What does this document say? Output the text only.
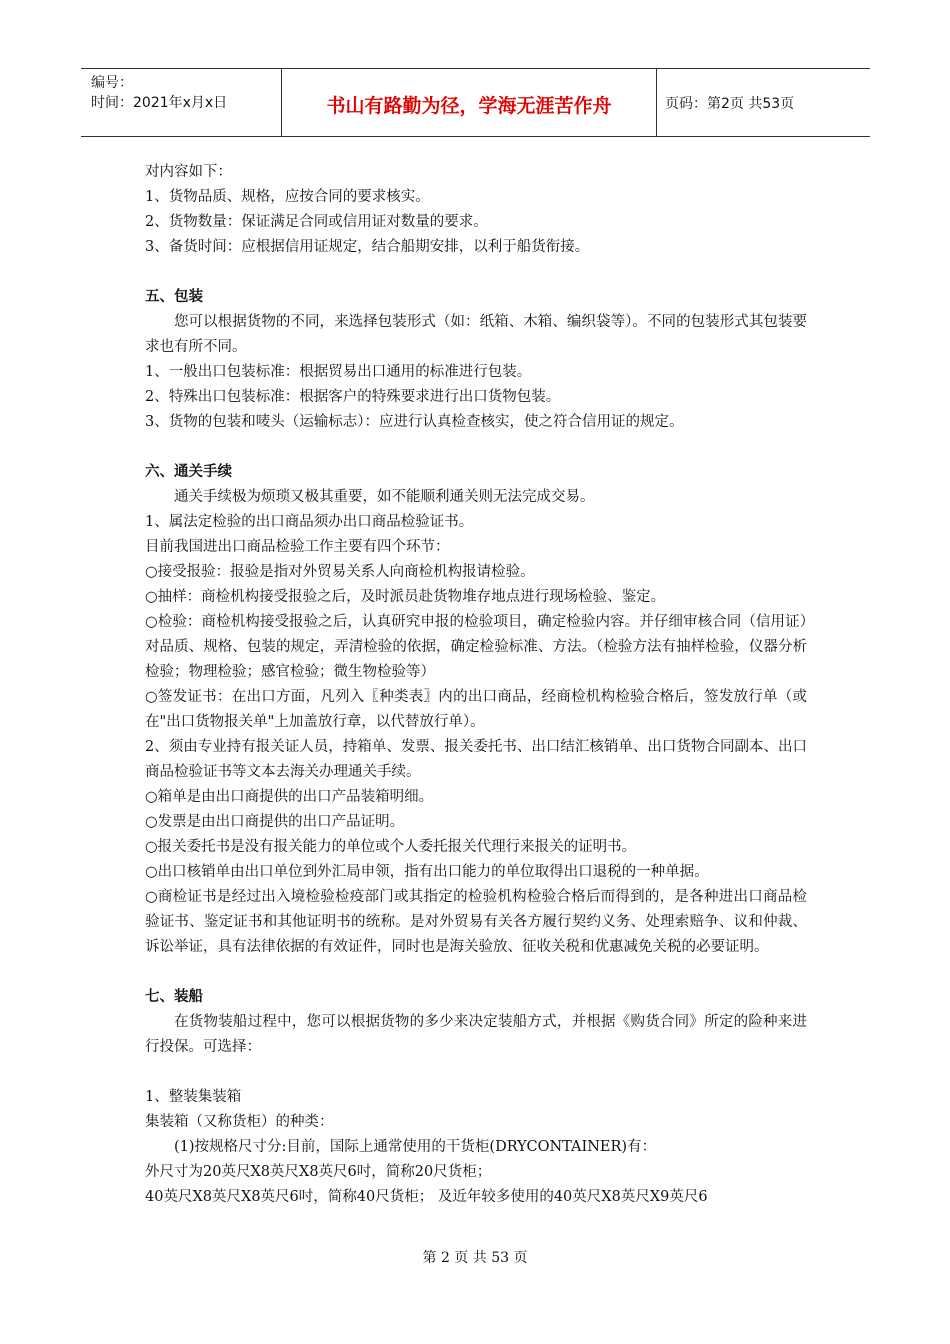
编号：
时间：2021年x月x日	书山有路勤为径，学海无涯苦作舟	页码：第2页 共53页

对内容如下：

1、货物品质、规格，应按合同的要求核实。

2、货物数量：保证满足合同或信用证对数量的要求。

3、备货时间：应根据信用证规定，结合船期安排，以利于船货衔接。

五、包装

您可以根据货物的不同，来选择包装形式（如：纸箱、木箱、编织袋等）。不同的包装形式其包装要求也有所不同。

1、一般出口包装标准：根据贸易出口通用的标准进行包装。

2、特殊出口包装标准：根据客户的特殊要求进行出口货物包装。

3、货物的包装和唛头（运输标志）：应进行认真检查核实，使之符合信用证的规定。

六、通关手续

通关手续极为烦琐又极其重要，如不能顺利通关则无法完成交易。

1、属法定检验的出口商品须办出口商品检验证书。

目前我国进出口商品检验工作主要有四个环节：

○接受报验：报验是指对外贸易关系人向商检机构报请检验。

○抽样：商检机构接受报验之后，及时派员赴货物堆存地点进行现场检验、鉴定。

○检验：商检机构接受报验之后，认真研究申报的检验项目，确定检验内容。并仔细审核合同（信用证）对品质、规格、包装的规定，弄清检验的依据，确定检验标准、方法。（检验方法有抽样检验，仪器分析检验；物理检验；感官检验；微生物检验等）

○签发证书：在出口方面，凡列入〖种类表〗内的出口商品，经商检机构检验合格后，签发放行单（或在"出口货物报关单"上加盖放行章，以代替放行单）。

2、须由专业持有报关证人员，持箱单、发票、报关委托书、出口结汇核销单、出口货物合同副本、出口商品检验证书等文本去海关办理通关手续。

○箱单是由出口商提供的出口产品装箱明细。

○发票是由出口商提供的出口产品证明。

○报关委托书是没有报关能力的单位或个人委托报关代理行来报关的证明书。

○出口核销单由出口单位到外汇局申领，指有出口能力的单位取得出口退税的一种单据。

○商检证书是经过出入境检验检疫部门或其指定的检验机构检验合格后而得到的，是各种进出口商品检验证书、鉴定证书和其他证明书的统称。是对外贸易有关各方履行契约义务、处理索赔争、议和仲裁、诉讼举证，具有法律依据的有效证件，同时也是海关验放、征收关税和优惠减免关税的必要证明。

七、装船

在货物装船过程中，您可以根据货物的多少来决定装船方式，并根据《购货合同》所定的险种来进行投保。可选择：

1、整装集装箱

集装箱（又称货柜）的种类：

(1)按规格尺寸分:目前，国际上通常使用的干货柜(DRYCONTAINER)有：

外尺寸为20英尺X8英尺X8英尺6吋，简称20尺货柜；

40英尺X8英尺X8英尺6吋，简称40尺货柜； 及近年较多使用的40英尺X8英尺X9英尺6

第 2 页 共 53 页
